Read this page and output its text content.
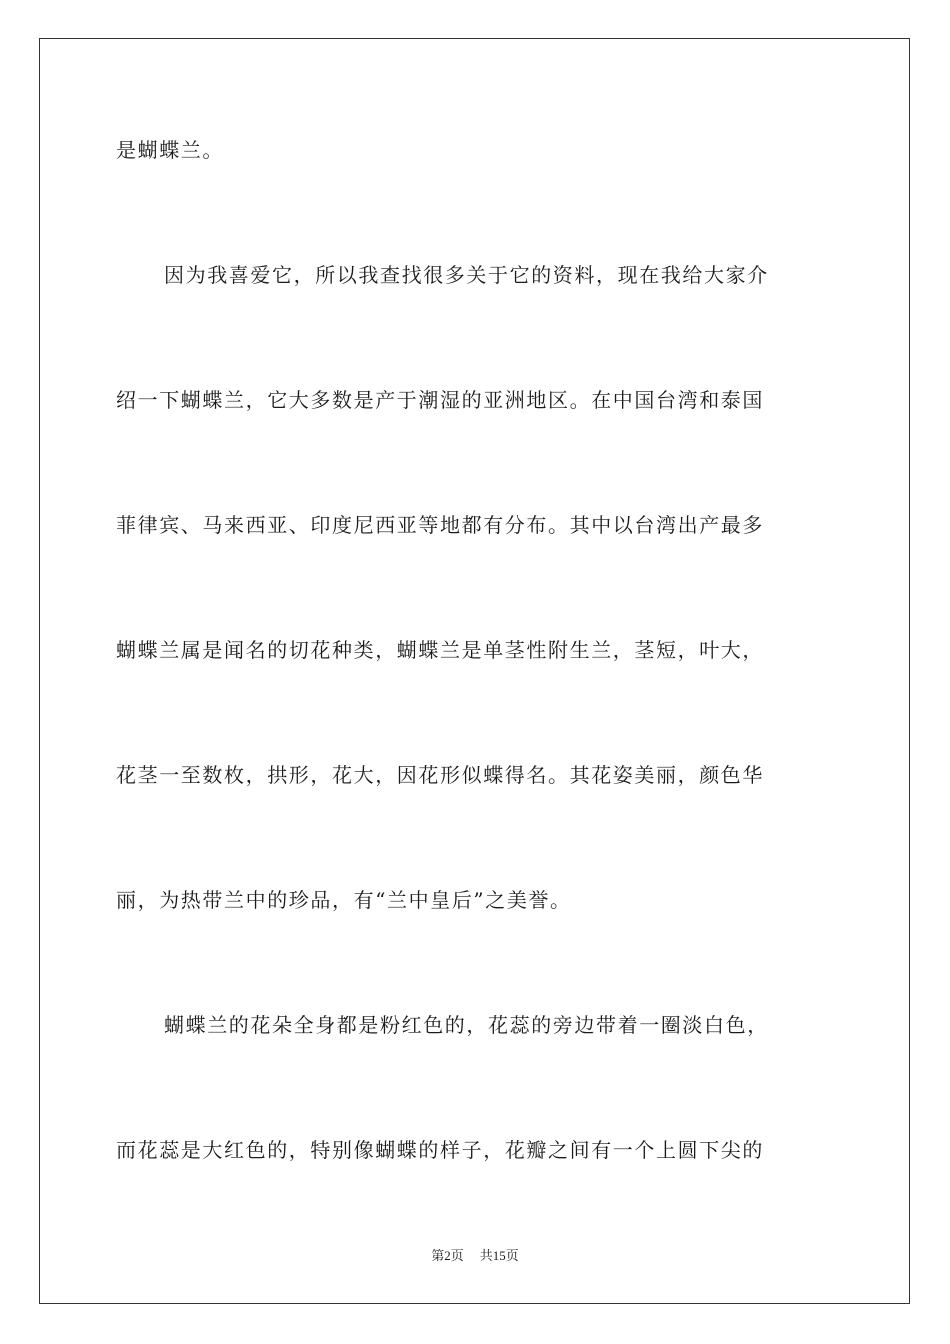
是蝴蝶兰。
因为我喜爱它，所以我查找很多关于它的资料，现在我给大家介
绍一下蝴蝶兰，它大多数是产于潮湿的亚洲地区。在中国台湾和泰国
菲律宾、马来西亚、印度尼西亚等地都有分布。其中以台湾出产最多
蝴蝶兰属是闻名的切花种类，蝴蝶兰是单茎性附生兰，茎短，叶大，
花茎一至数枚，拱形，花大，因花形似蝶得名。其花姿美丽，颜色华
丽，为热带兰中的珍品，有“兰中皇后”之美誉。
蝴蝶兰的花朵全身都是粉红色的，花蕊的旁边带着一圈淡白色，
而花蕊是大红色的，特别像蝴蝶的样子，花瓣之间有一个上圆下尖的
第2页 共15页
